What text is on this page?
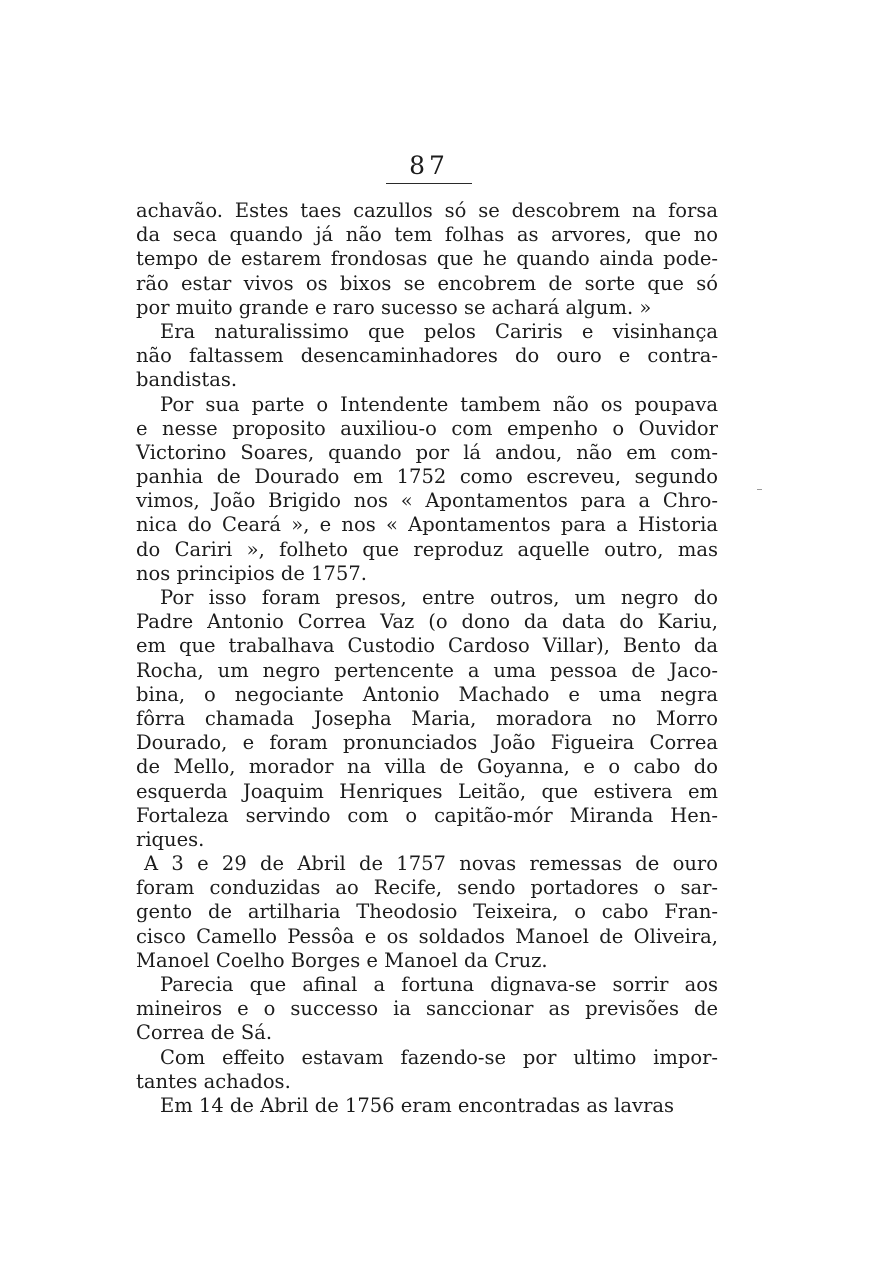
87
achavão. Estes taes cazullos só se descobrem na forsa
da seca quando já não tem folhas as arvores, que no
tempo de estarem frondosas que he quando ainda pode-
rão estar vivos os bixos se encobrem de sorte que só
por muito grande e raro sucesso se achará algum. »
Era naturalissimo que pelos Cariris e visinhança
não faltassem desencaminhadores do ouro e contra-
bandistas.
Por sua parte o Intendente tambem não os poupava
e nesse proposito auxiliou-o com empenho o Ouvidor
Victorino Soares, quando por lá andou, não em com-
panhia de Dourado em 1752 como escreveu, segundo
vimos, João Brigido nos « Apontamentos para a Chro-
nica do Ceará », e nos « Apontamentos para a Historia
do Cariri », folheto que reproduz aquelle outro, mas
nos principios de 1757.
Por isso foram presos, entre outros, um negro do
Padre Antonio Correa Vaz (o dono da data do Kariu,
em que trabalhava Custodio Cardoso Villar), Bento da
Rocha, um negro pertencente a uma pessoa de Jaco-
bina, o negociante Antonio Machado e uma negra
fôrra chamada Josepha Maria, moradora no Morro
Dourado, e foram pronunciados João Figueira Correa
de Mello, morador na villa de Goyanna, e o cabo do
esquerda Joaquim Henriques Leitão, que estivera em
Fortaleza servindo com o capitão-mór Miranda Hen-
riques.
A 3 e 29 de Abril de 1757 novas remessas de ouro
foram conduzidas ao Recife, sendo portadores o sar-
gento de artilharia Theodosio Teixeira, o cabo Fran-
cisco Camello Pessôa e os soldados Manoel de Oliveira,
Manoel Coelho Borges e Manoel da Cruz.
Parecia que afinal a fortuna dignava-se sorrir aos
mineiros e o successo ia sanccionar as previsões de
Correa de Sá.
Com effeito estavam fazendo-se por ultimo impor-
tantes achados.
Em 14 de Abril de 1756 eram encontradas as lavras
